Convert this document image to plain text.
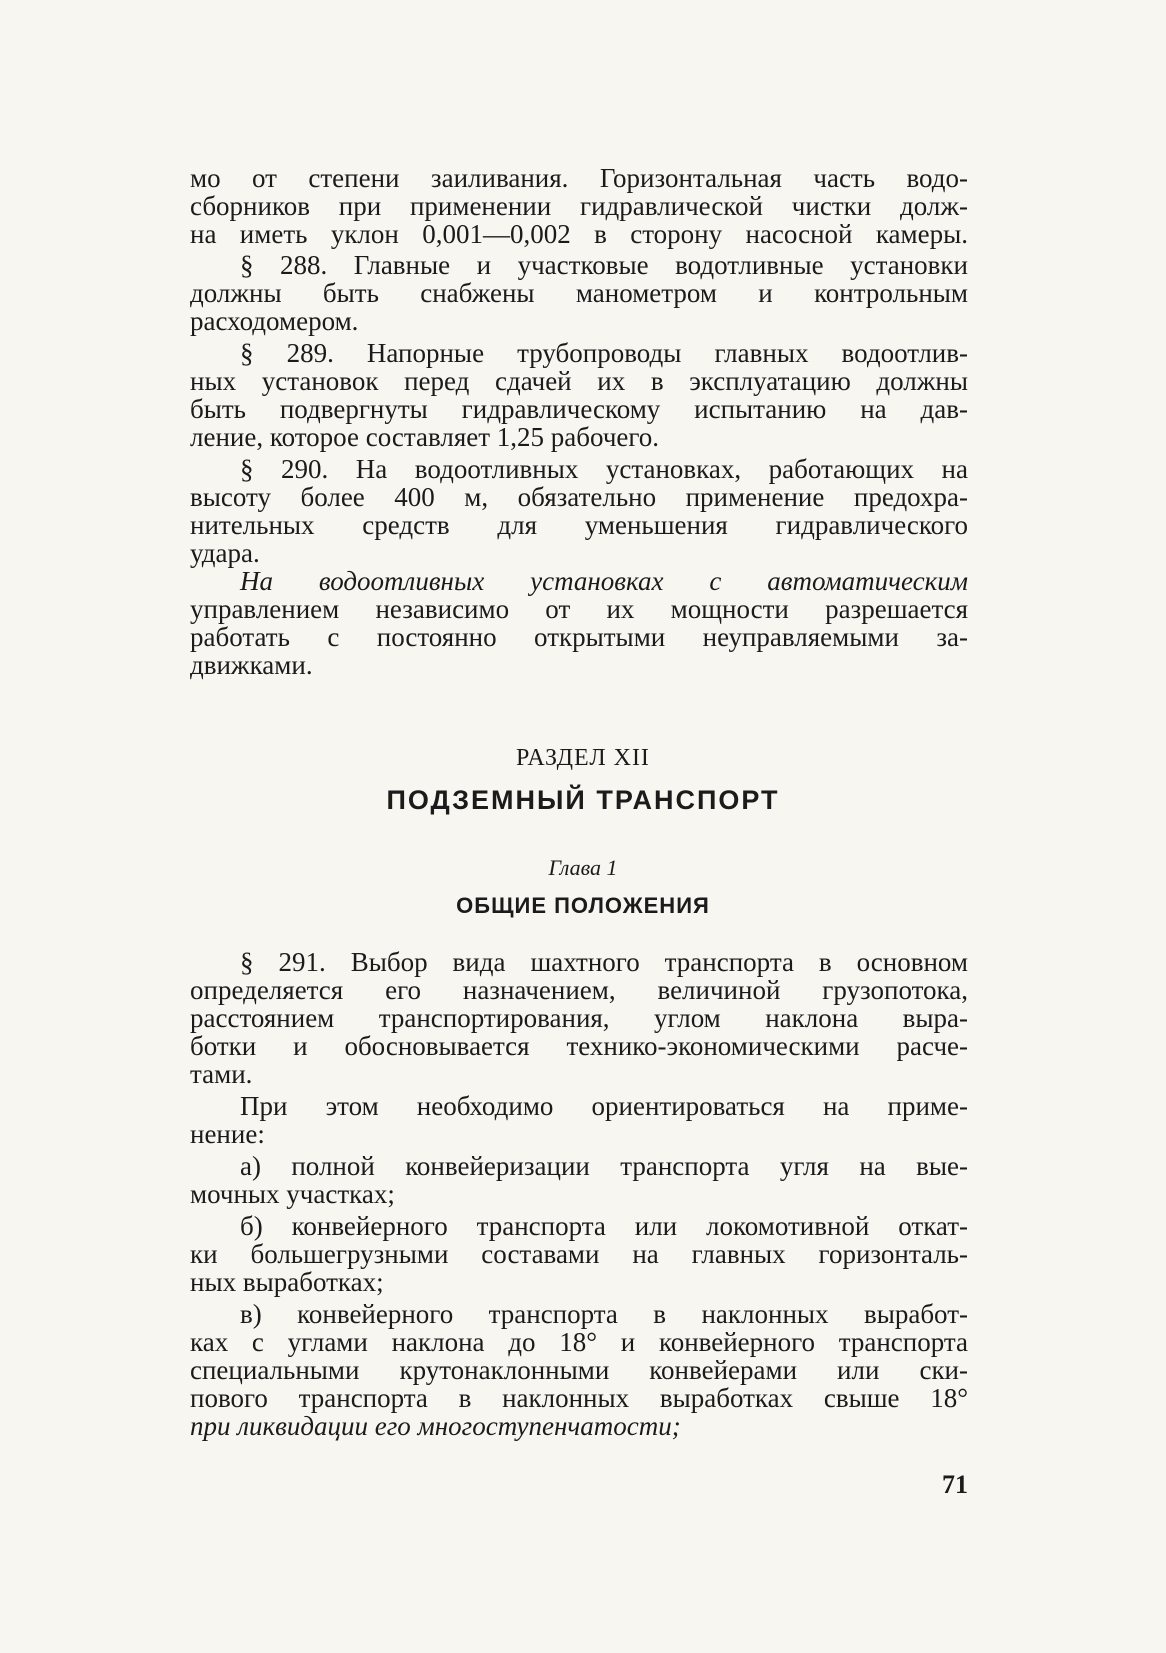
мо от степени заиливания. Горизонтальная часть водо-

сборников при применении гидравлической чистки долж-

на иметь уклон 0,001—0,002 в сторону насосной камеры.

§ 288. Главные и участковые водотливные установки

должны быть снабжены манометром и контрольным

расходомером.

§ 289. Напорные трубопроводы главных водоотлив-

ных установок перед сдачей их в эксплуатацию должны

быть подвергнуты гидравлическому испытанию на дав-

ление, которое составляет 1,25 рабочего.

§ 290. На водоотливных установках, работающих на

высоту более 400 м, обязательно применение предохра-

нительных средств для уменьшения гидравлического

удара.

На водоотливных установках с автоматическим

управлением независимо от их мощности разрешается

работать с постоянно открытыми неуправляемыми за-

движками.

РАЗДЕЛ XII

ПОДЗЕМНЫЙ ТРАНСПОРТ

Глава 1

ОБЩИЕ ПОЛОЖЕНИЯ

§ 291. Выбор вида шахтного транспорта в основном

определяется его назначением, величиной грузопотока,

расстоянием транспортирования, углом наклона выра-

ботки и обосновывается технико-экономическими расче-

тами.

При этом необходимо ориентироваться на приме-

нение:

а) полной конвейеризации транспорта угля на вые-

мочных участках;

б) конвейерного транспорта или локомотивной откат-

ки большегрузными составами на главных горизонталь-

ных выработках;

в) конвейерного транспорта в наклонных выработ-

ках с углами наклона до 18° и конвейерного транспорта

специальными крутонаклонными конвейерами или ски-

пового транспорта в наклонных выработках свыше 18°

при ликвидации его многоступенчатости;

71
